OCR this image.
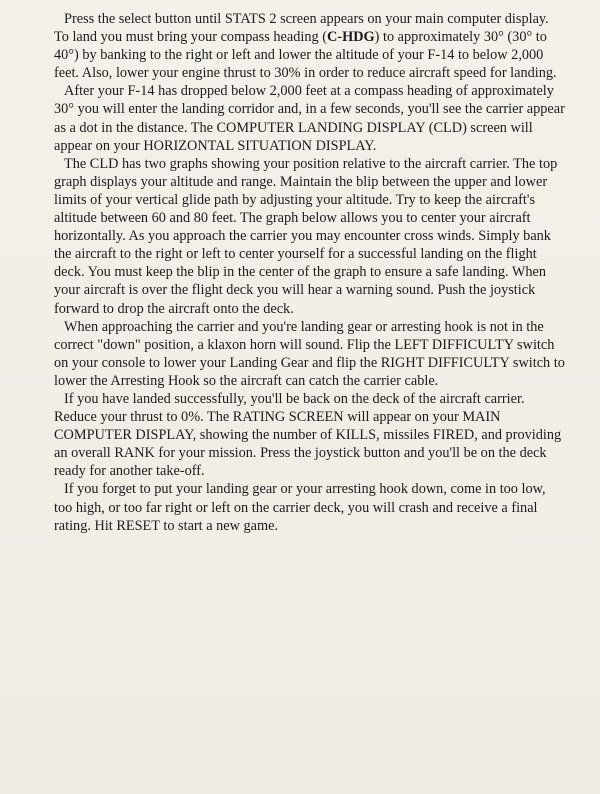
Press the select button until STATS 2 screen appears on your main computer display. To land you must bring your compass heading (C-HDG) to approximately 30° (30° to 40°) by banking to the right or left and lower the altitude of your F-14 to below 2,000 feet. Also, lower your engine thrust to 30% in order to reduce aircraft speed for landing.

After your F-14 has dropped below 2,000 feet at a compass heading of approximately 30° you will enter the landing corridor and, in a few seconds, you'll see the carrier appear as a dot in the distance. The COMPUTER LANDING DISPLAY (CLD) screen will appear on your HORIZONTAL SITUATION DISPLAY.

The CLD has two graphs showing your position relative to the aircraft carrier. The top graph displays your altitude and range. Maintain the blip between the upper and lower limits of your vertical glide path by adjusting your altitude. Try to keep the aircraft's altitude between 60 and 80 feet. The graph below allows you to center your aircraft horizontally. As you approach the carrier you may encounter cross winds. Simply bank the aircraft to the right or left to center yourself for a successful landing on the flight deck. You must keep the blip in the center of the graph to ensure a safe landing. When your aircraft is over the flight deck you will hear a warning sound. Push the joystick forward to drop the aircraft onto the deck.

When approaching the carrier and you're landing gear or arresting hook is not in the correct "down" position, a klaxon horn will sound. Flip the LEFT DIFFICULTY switch on your console to lower your Landing Gear and flip the RIGHT DIFFICULTY switch to lower the Arresting Hook so the aircraft can catch the carrier cable.

If you have landed successfully, you'll be back on the deck of the aircraft carrier. Reduce your thrust to 0%. The RATING SCREEN will appear on your MAIN COMPUTER DISPLAY, showing the number of KILLS, missiles FIRED, and providing an overall RANK for your mission. Press the joystick button and you'll be on the deck ready for another take-off.

If you forget to put your landing gear or your arresting hook down, come in too low, too high, or too far right or left on the carrier deck, you will crash and receive a final rating. Hit RESET to start a new game.
